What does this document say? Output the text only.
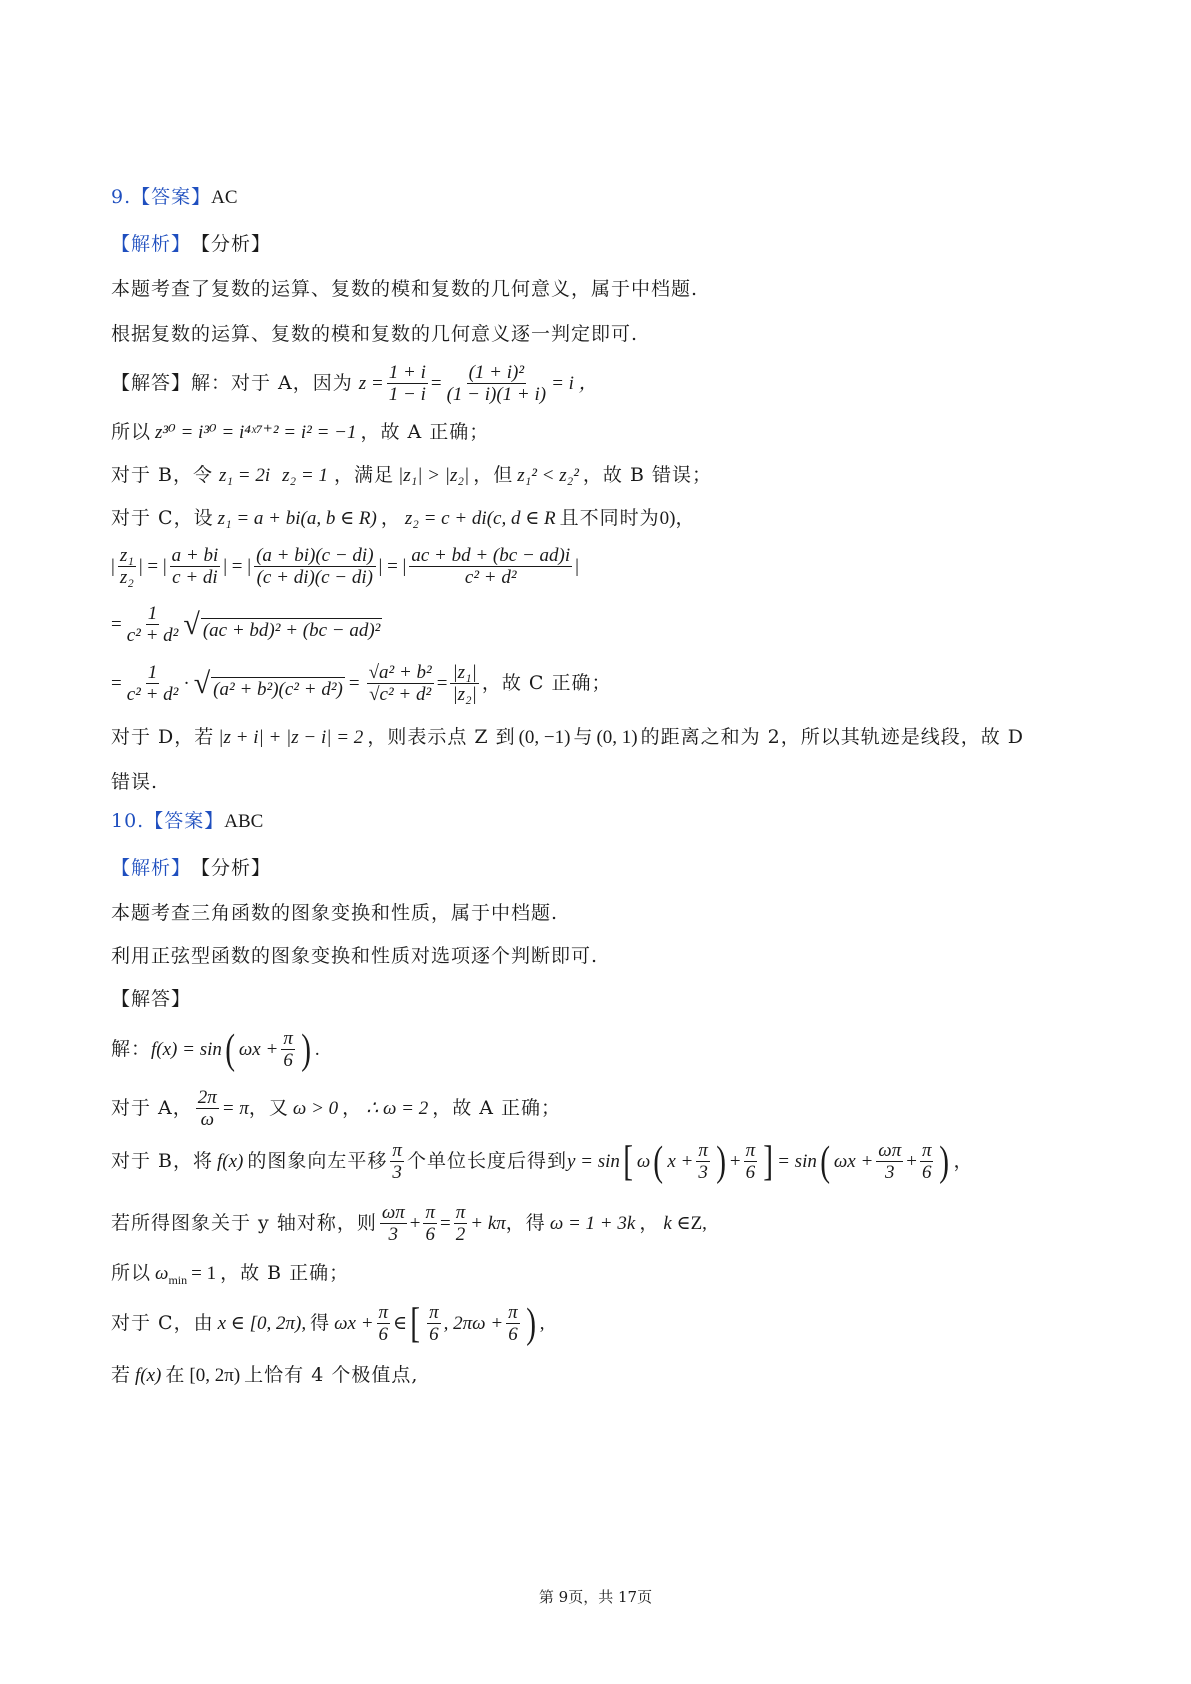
9. 【答案】 AC
【解析】 【分析】
本题考查了复数的运算、复数的模和复数的几何意义，属于中档题.
根据复数的运算、复数的模和复数的几何意义逐一判定即可.
【解答】 解：对于 A，因为 $z = \frac{1 + i}{1 - i} = \frac{\text{(1 + i)²}}{(1 - i)(1 + i)} = i$ ，
所以 z³⁰ = i³⁰ = i⁴ˣ⁷⁺² = i² = −1 ，故 A 正确；
对于 B，令 z₁ = 2i z₂ = 1 ，满足 |z₁| > |z₂| ，但 z₁² < z₂² ，故 B 错误；
对于 C，设 z₁ = a + bi(a, b ∈ R) ， z₂ = c + di(c, d ∈ R 且不同时为 0) ，
| $\frac{\text{z₁}}{\text{z₂}}$ | = | $\frac{a + bi}{c + di}$ | = | $\frac{(a + bi)(c - di)}{(c + di)(c - di)}$ | = | $\frac{ac + bd + (bc - ad)i}{\text{c² + d²}}$ |
= $\frac{1}{\text{c² + d²}}$ √ (ac + bd)² + (bc − ad)²
= $\frac{1}{\text{c² + d²}}$ · √ $(a^2 + b^2)(c^2 + d^2) = \frac{\text{√a² + b²}}{\text{√c² + d²}} = \frac{\text{|z₁|}}{\text{|z₂|}}$ ，故 C 正确；
对于 D，若 |z + i| + |z − i| = 2 ，则表示点 Z 到 (0, −1) 与 (0, 1) 的距离之和为 2，所以其轨迹是线段，故 D
错误.
10. 【答案】 ABC
【解析】 【分析】
本题考查三角函数的图象变换和性质，属于中档题.
利用正弦型函数的图象变换和性质对选项逐个判断即可.
【解答】
解： f(x) = sin ( $\omega x + \frac{\pi}{6}$ ) .
对于 A， $\frac{2\pi}{\omega} = \pi$ ，又 ω > 0 ， ∴ ω = 2 ，故 A 正确；
对于 B，将 f(x) 的图象向左平移 $\frac{\pi}{3}$ 个单位长度后得到 y = sin [ ω ( $x + \frac{\pi}{3}$ ) + $\frac{\pi}{6}$ ] = sin ( $\omega x + \frac{\omega\pi}{3} + \frac{\pi}{6}$ ) ，
若所得图象关于 y 轴对称，则 $\frac{\omega\pi}{3} + \frac{\pi}{6} = \frac{\pi}{2} + k\pi$ ，得 ω = 1 + 3k ， k ∈ Z,
所以 ω min = 1 ，故 B 正确；
对于 C，由 x ∈ [0, 2π), 得 $\omega x + \frac{\pi}{6}$ ∈ [ $\frac{\pi}{6}$ , $2\pi\omega + \frac{\pi}{6}$ ) ,
若 f(x) 在 [0, 2π) 上恰有 4 个极值点,
第 9页，共 17页
